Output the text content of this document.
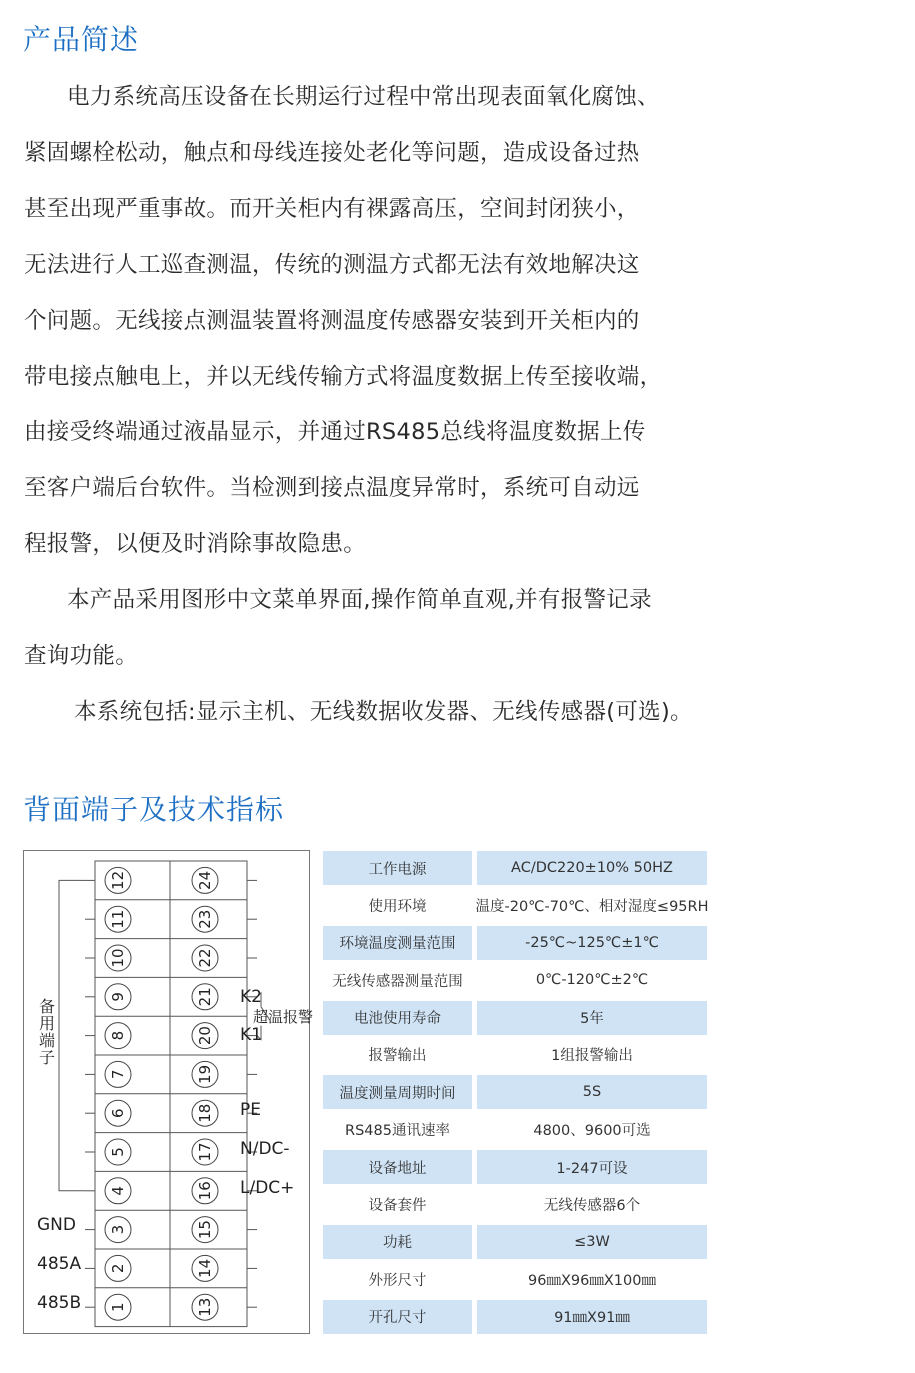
产品简述

电力系统高压设备在长期运行过程中常出现表面氧化腐蚀、

紧固螺栓松动，触点和母线连接处老化等问题，造成设备过热

甚至出现严重事故。而开关柜内有裸露高压，空间封闭狭小，

无法进行人工巡查测温，传统的测温方式都无法有效地解决这

个问题。无线接点测温装置将测温度传感器安装到开关柜内的

带电接点触电上，并以无线传输方式将温度数据上传至接收端，

由接受终端通过液晶显示，并通过RS485总线将温度数据上传

至客户端后台软件。当检测到接点温度异常时，系统可自动远

程报警，以便及时消除事故隐患。

本产品采用图形中文菜单界面,操作简单直观,并有报警记录

查询功能。

本系统包括:显示主机、无线数据收发器、无线传感器(可选)。

背面端子及技术指标
12	24
11	23
10	22
9	21
8	20
7	19
6	18
5	17
4	16
3	15
2	14
1	13
备用端子
GND
485A
485B
K2
K1
超温报警
PE
N/DC-
L/DC+
工作电源	AC/DC220±10% 50HZ
使用环境	温度-20℃-70℃、相对湿度≤95RH
环境温度测量范围	-25℃~125℃±1℃
无线传感器测量范围	0℃-120℃±2℃
电池使用寿命	5年
报警输出	1组报警输出
温度测量周期时间	5S
RS485通讯速率	4800、9600可选
设备地址	1-247可设
设备套件	无线传感器6个
功耗	≤3W
外形尺寸	96㎜X96㎜X100㎜
开孔尺寸	91㎜X91㎜
